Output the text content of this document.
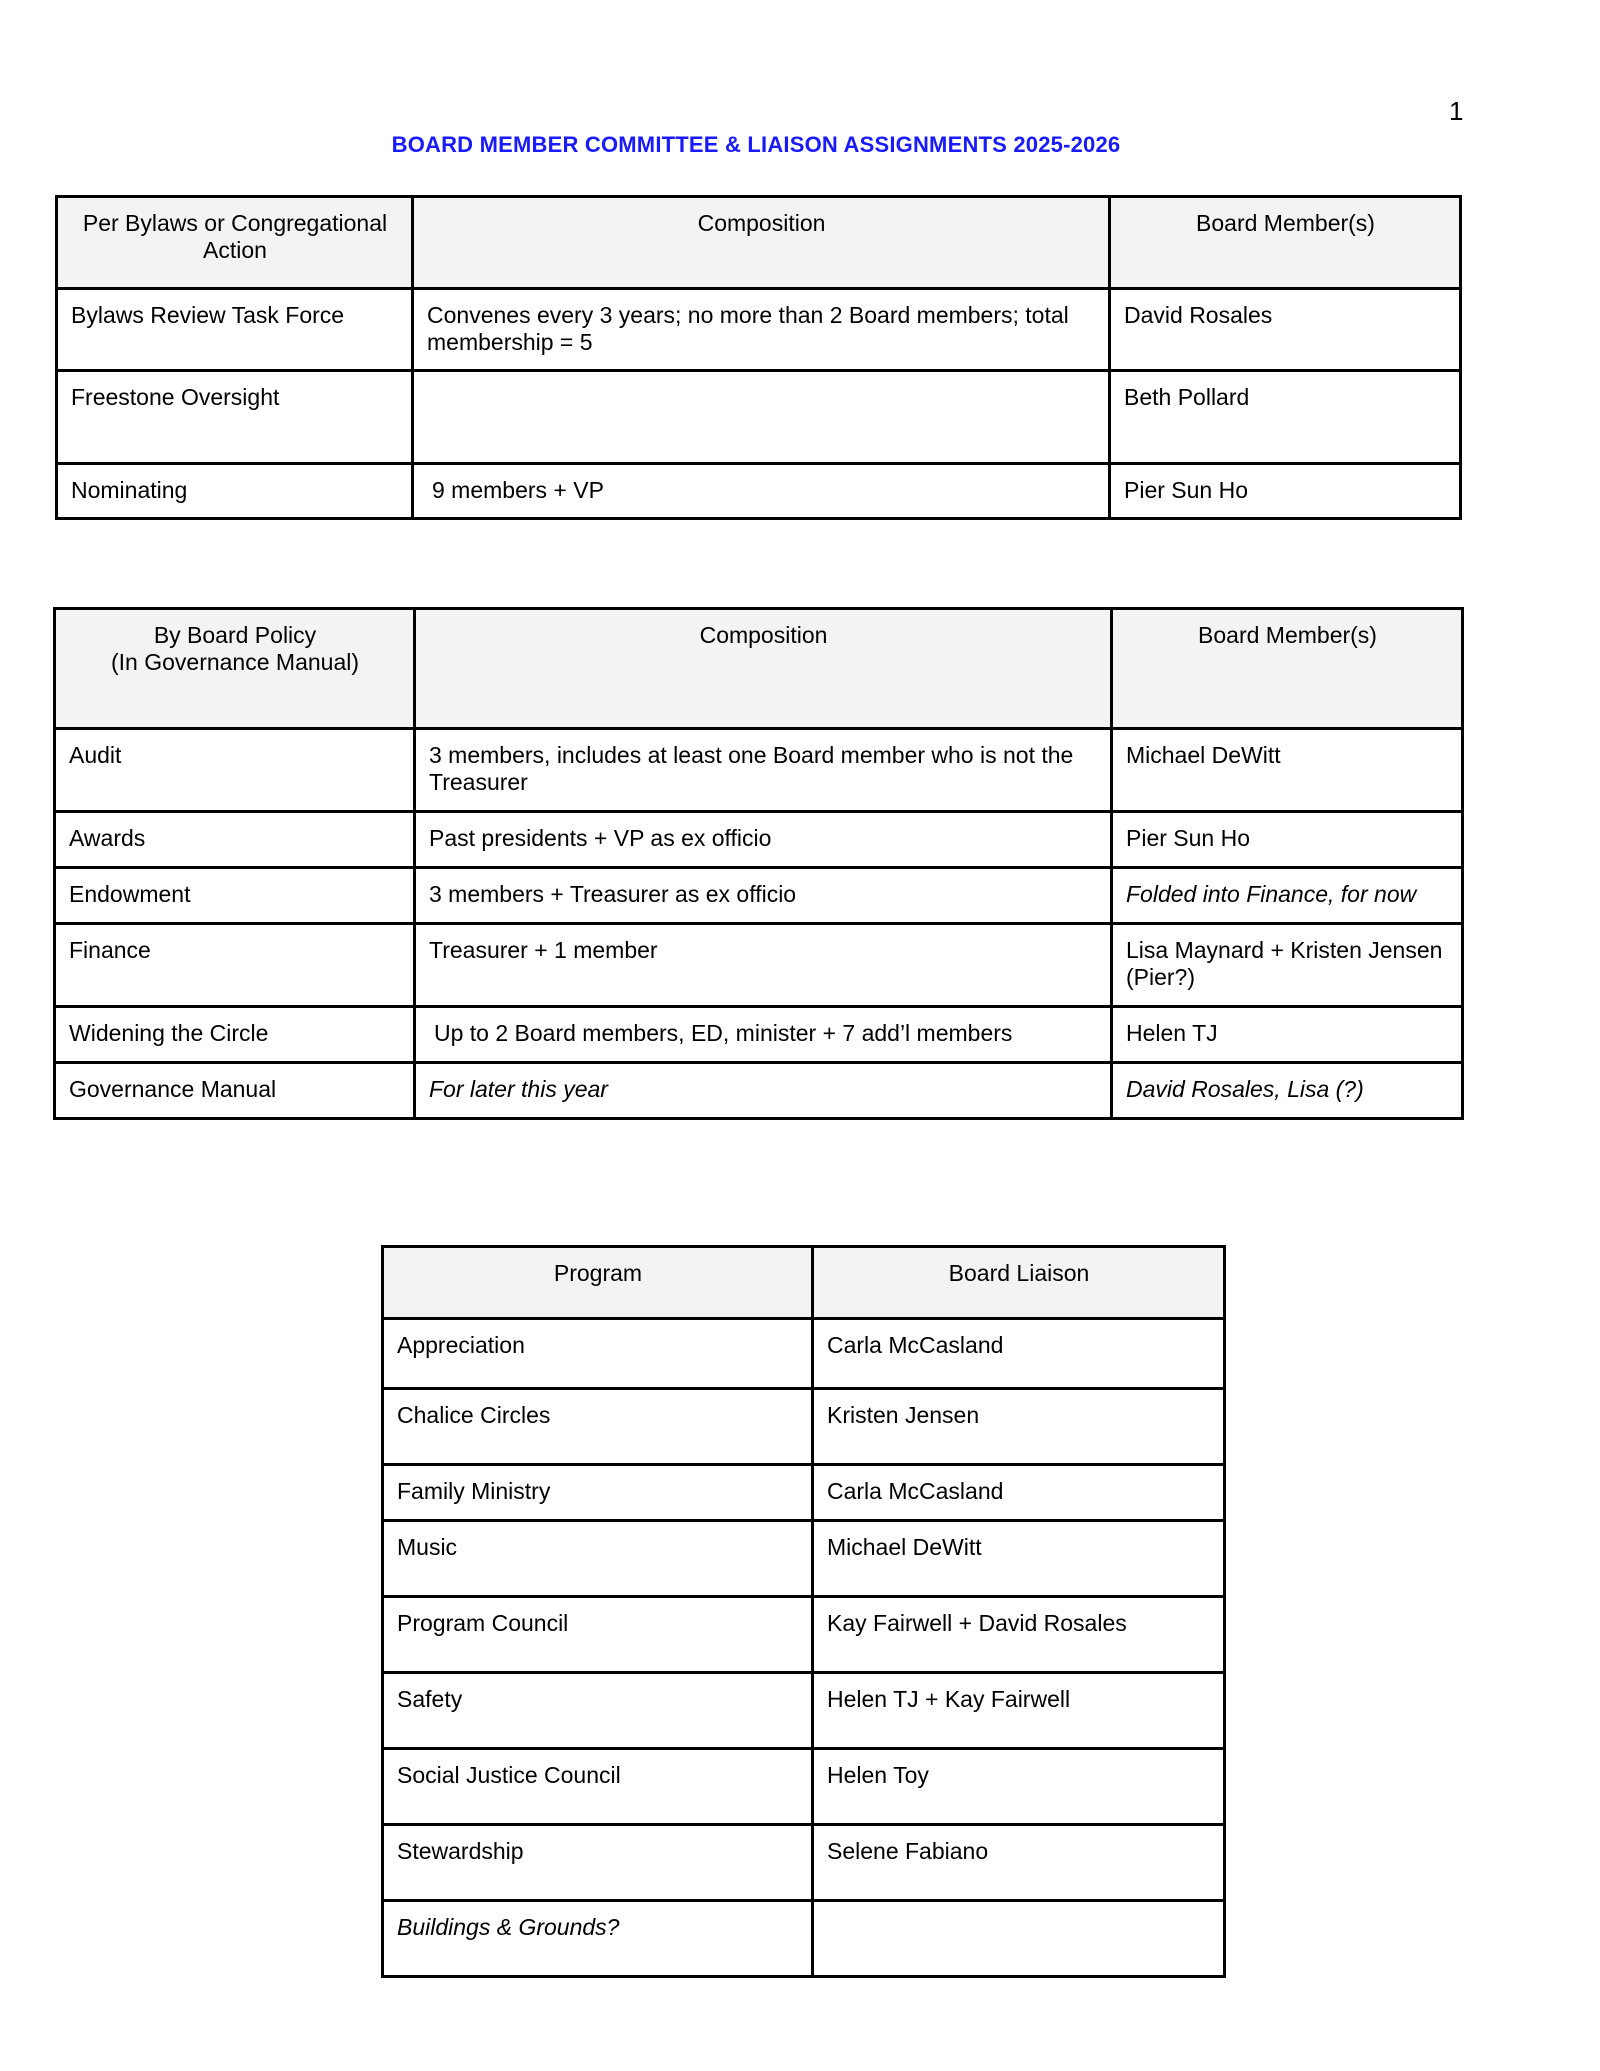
1
BOARD MEMBER COMMITTEE & LIAISON ASSIGNMENTS 2025-2026
Per Bylaws or Congregational Action	Composition	Board Member(s)
Bylaws Review Task Force	Convenes every 3 years; no more than 2 Board members; total membership = 5	David Rosales
Freestone Oversight		Beth Pollard
Nominating	9 members + VP	Pier Sun Ho
By Board Policy
(In Governance Manual)	Composition	Board Member(s)
Audit	3 members, includes at least one Board member who is not the Treasurer	Michael DeWitt
Awards	Past presidents + VP as ex officio	Pier Sun Ho
Endowment	3 members + Treasurer as ex officio	Folded into Finance, for now
Finance	Treasurer + 1 member	Lisa Maynard + Kristen Jensen (Pier?)
Widening the Circle	Up to 2 Board members, ED, minister + 7 add’l members	Helen TJ
Governance Manual	For later this year	David Rosales, Lisa (?)
Program	Board Liaison
Appreciation	Carla McCasland
Chalice Circles	Kristen Jensen
Family Ministry	Carla McCasland
Music	Michael DeWitt
Program Council	Kay Fairwell + David Rosales
Safety	Helen TJ + Kay Fairwell
Social Justice Council	Helen Toy
Stewardship	Selene Fabiano
Buildings & Grounds?	
